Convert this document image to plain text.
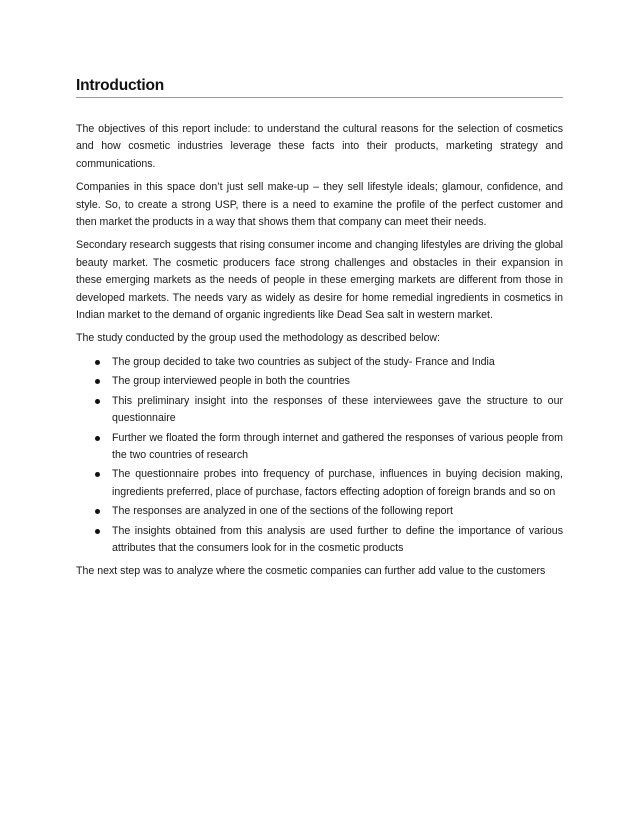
Introduction

The objectives of this report include: to understand the cultural reasons for the selection of cosmetics and how cosmetic industries leverage these facts into their products, marketing strategy and communications.

Companies in this space don’t just sell make-up – they sell lifestyle ideals; glamour, confidence, and style. So, to create a strong USP, there is a need to examine the profile of the perfect customer and then market the products in a way that shows them that company can meet their needs.

Secondary research suggests that rising consumer income and changing lifestyles are driving the global beauty market. The cosmetic producers face strong challenges and obstacles in their expansion in these emerging markets as the needs of people in these emerging markets are different from those in developed markets. The needs vary as widely as desire for home remedial ingredients in cosmetics in Indian market to the demand of organic ingredients like Dead Sea salt in western market.

The study conducted by the group used the methodology as described below:

The group decided to take two countries as subject of the study- France and India
The group interviewed people in both the countries
This preliminary insight into the responses of these interviewees gave the structure to our questionnaire
Further we floated the form through internet and gathered the responses of various people from the two countries of research
The questionnaire probes into frequency of purchase, influences in buying decision making, ingredients preferred, place of purchase, factors effecting adoption of foreign brands and so on
The responses are analyzed in one of the sections of the following report
The insights obtained from this analysis are used further to define the importance of various attributes that the consumers look for in the cosmetic products

The next step was to analyze where the cosmetic companies can further add value to the customers
